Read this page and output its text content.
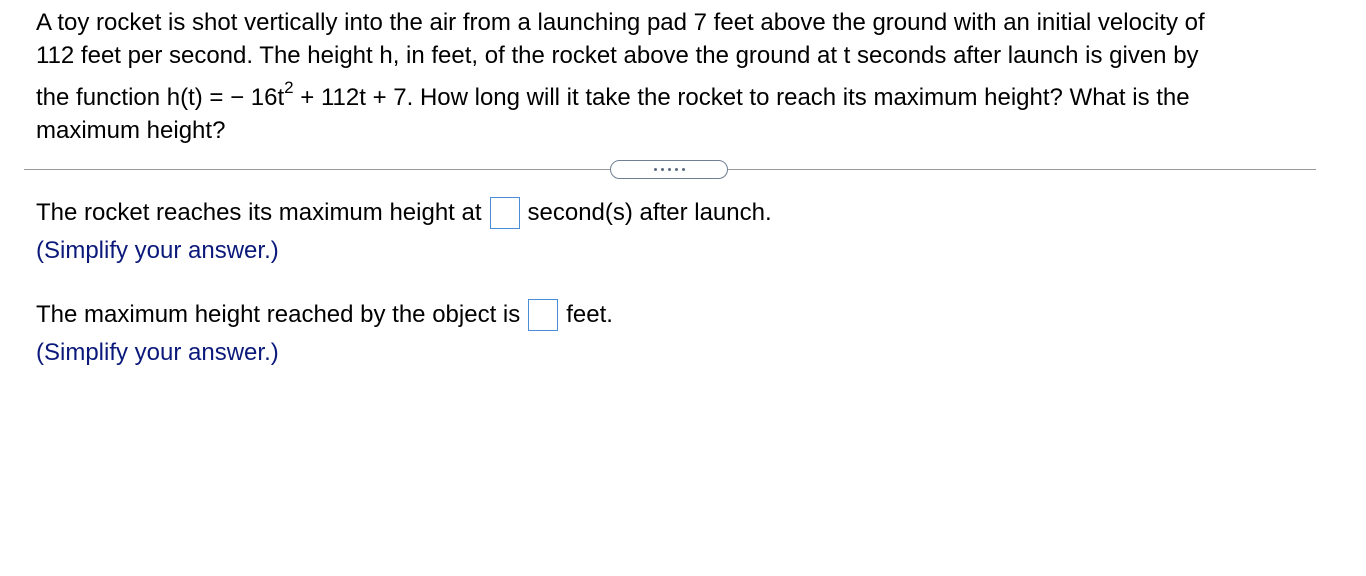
A toy rocket is shot vertically into the air from a launching pad 7 feet above the ground with an initial velocity of
112 feet per second. The height h, in feet, of the rocket above the ground at t seconds after launch is given by
the function h(t) = − $16t^2 + 112t + 7$. How long will it take the rocket to reach its maximum height? What is the
maximum height?
The rocket reaches its maximum height at second(s) after launch.
(Simplify your answer.)
The maximum height reached by the object is feet.
(Simplify your answer.)
